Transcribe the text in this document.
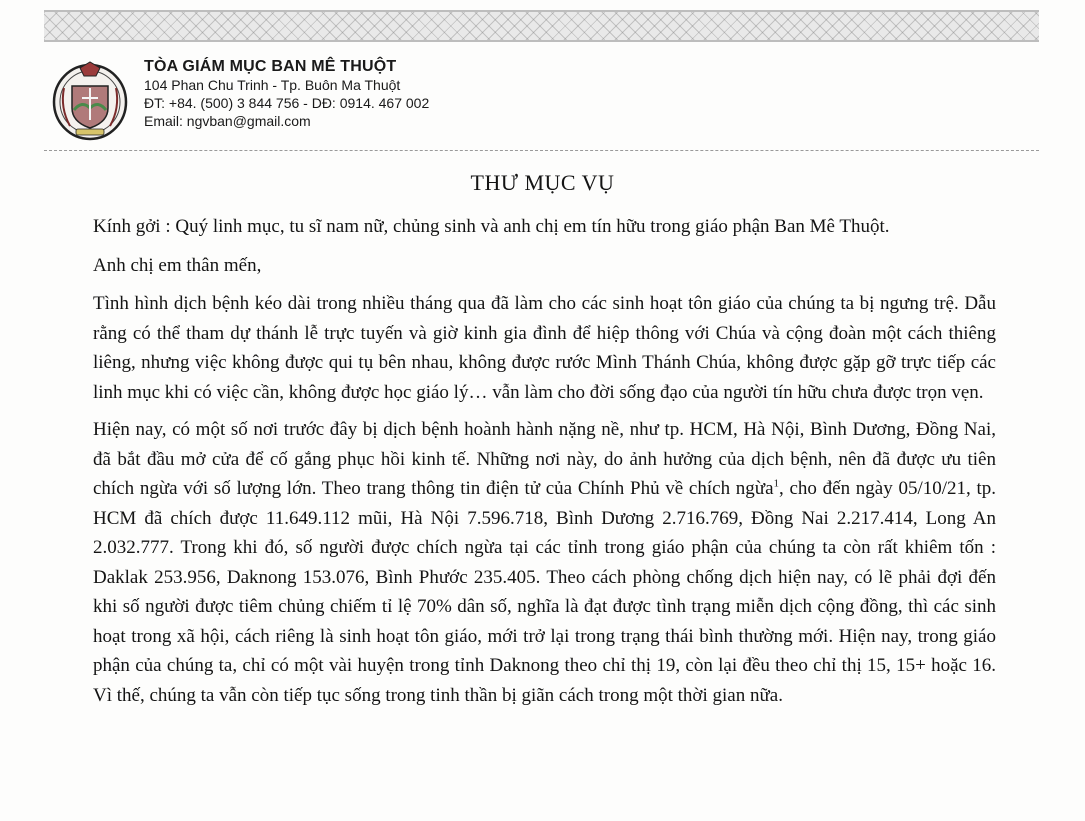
TÒA GIÁM MỤC BAN MÊ THUỘT
104 Phan Chu Trinh - Tp. Buôn Ma Thuột
ĐT: +84. (500) 3 844 756 - DĐ: 0914. 467 002
Email: ngvban@gmail.com
THƯ MỤC VỤ

Kính gởi : Quý linh mục, tu sĩ nam nữ, chủng sinh và anh chị em tín hữu trong giáo phận Ban Mê Thuột.

Anh chị em thân mến,

Tình hình dịch bệnh kéo dài trong nhiều tháng qua đã làm cho các sinh hoạt tôn giáo của chúng ta bị ngưng trệ. Dẫu rằng có thể tham dự thánh lễ trực tuyến và giờ kinh gia đình để hiệp thông với Chúa và cộng đoàn một cách thiêng liêng, nhưng việc không được qui tụ bên nhau, không được rước Mình Thánh Chúa, không được gặp gỡ trực tiếp các linh mục khi có việc cần, không được học giáo lý… vẫn làm cho đời sống đạo của người tín hữu chưa được trọn vẹn.

Hiện nay, có một số nơi trước đây bị dịch bệnh hoành hành nặng nề, như tp. HCM, Hà Nội, Bình Dương, Đồng Nai, đã bắt đầu mở cửa để cố gắng phục hồi kinh tế. Những nơi này, do ảnh hưởng của dịch bệnh, nên đã được ưu tiên chích ngừa với số lượng lớn. Theo trang thông tin điện tử của Chính Phủ về chích ngừa$^1$, cho đến ngày 05/10/21, tp. HCM đã chích được 11.649.112 mũi, Hà Nội 7.596.718, Bình Dương 2.716.769, Đồng Nai 2.217.414, Long An 2.032.777. Trong khi đó, số người được chích ngừa tại các tỉnh trong giáo phận của chúng ta còn rất khiêm tốn : Daklak 253.956, Daknong 153.076, Bình Phước 235.405. Theo cách phòng chống dịch hiện nay, có lẽ phải đợi đến khi số người được tiêm chủng chiếm tỉ lệ 70% dân số, nghĩa là đạt được tình trạng miễn dịch cộng đồng, thì các sinh hoạt trong xã hội, cách riêng là sinh hoạt tôn giáo, mới trở lại trong trạng thái bình thường mới. Hiện nay, trong giáo phận của chúng ta, chỉ có một vài huyện trong tỉnh Daknong theo chỉ thị 19, còn lại đều theo chỉ thị 15, 15+ hoặc 16. Vì thế, chúng ta vẫn còn tiếp tục sống trong tinh thần bị giãn cách trong một thời gian nữa.
